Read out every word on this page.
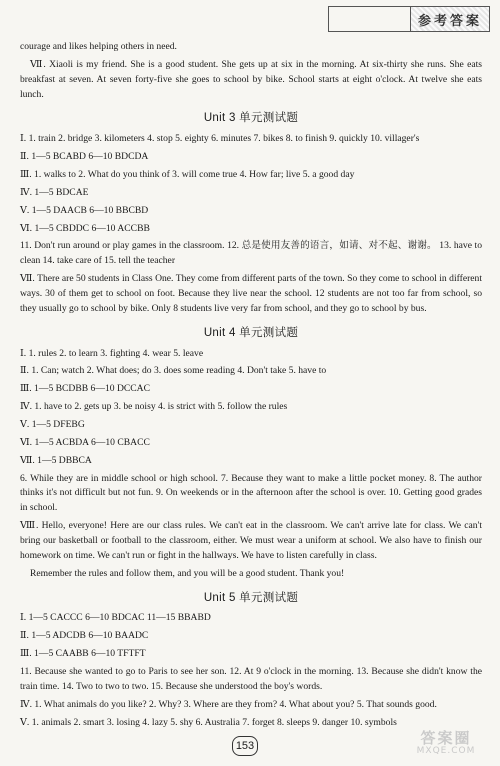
参考答案

courage and likes helping others in need.

Ⅶ. Xiaoli is my friend. She is a good student. She gets up at six in the morning. At six-thirty she runs. She eats breakfast at seven. At seven forty-five she goes to school by bike. School starts at eight o'clock. At twelve she eats lunch.

Unit 3 单元测试题

Ⅰ. 1. train 2. bridge 3. kilometers 4. stop 5. eighty 6. minutes 7. bikes 8. to finish 9. quickly 10. villager's

Ⅱ. 1—5 BCABD 6—10 BDCDA

Ⅲ. 1. walks to 2. What do you think of 3. will come true 4. How far; live 5. a good day

Ⅳ. 1—5 BDCAE

Ⅴ. 1—5 DAACB 6—10 BBCBD

Ⅵ. 1—5 CBDDC 6—10 ACCBB

11. Don't run around or play games in the classroom. 12. 总是使用友善的语言，如请、对不起、谢谢。 13. have to clean 14. take care of 15. tell the teacher

Ⅶ. There are 50 students in Class One. They come from different parts of the town. So they come to school in different ways. 30 of them get to school on foot. Because they live near the school. 12 students are not too far from school, so they usually go to school by bike. Only 8 students live very far from school, and they go to school by bus.

Unit 4 单元测试题

Ⅰ. 1. rules 2. to learn 3. fighting 4. wear 5. leave

Ⅱ. 1. Can; watch 2. What does; do 3. does some reading 4. Don't take 5. have to

Ⅲ. 1—5 BCDBB 6—10 DCCAC

Ⅳ. 1. have to 2. gets up 3. be noisy 4. is strict with 5. follow the rules

Ⅴ. 1—5 DFEBG

Ⅵ. 1—5 ACBDA 6—10 CBACC

Ⅶ. 1—5 DBBCA

6. While they are in middle school or high school. 7. Because they want to make a little pocket money. 8. The author thinks it's not difficult but not fun. 9. On weekends or in the afternoon after the school is over. 10. Getting good grades in school.

Ⅷ. Hello, everyone! Here are our class rules. We can't eat in the classroom. We can't arrive late for class. We can't bring our basketball or football to the classroom, either. We must wear a uniform at school. We also have to finish our homework on time. We can't run or fight in the hallways. We have to listen carefully in class.

Remember the rules and follow them, and you will be a good student. Thank you!

Unit 5 单元测试题

Ⅰ. 1—5 CACCC 6—10 BDCAC 11—15 BBABD

Ⅱ. 1—5 ADCDB 6—10 BAADC

Ⅲ. 1—5 CAABB 6—10 TFTFT

11. Because she wanted to go to Paris to see her son. 12. At 9 o'clock in the morning. 13. Because she didn't know the train time. 14. Two to two to two. 15. Because she understood the boy's words.

Ⅳ. 1. What animals do you like? 2. Why? 3. Where are they from? 4. What about you? 5. That sounds good.

Ⅴ. 1. animals 2. smart 3. losing 4. lazy 5. shy 6. Australia 7. forget 8. sleeps 9. danger 10. symbols

153	答案圈
MXQE.COM
